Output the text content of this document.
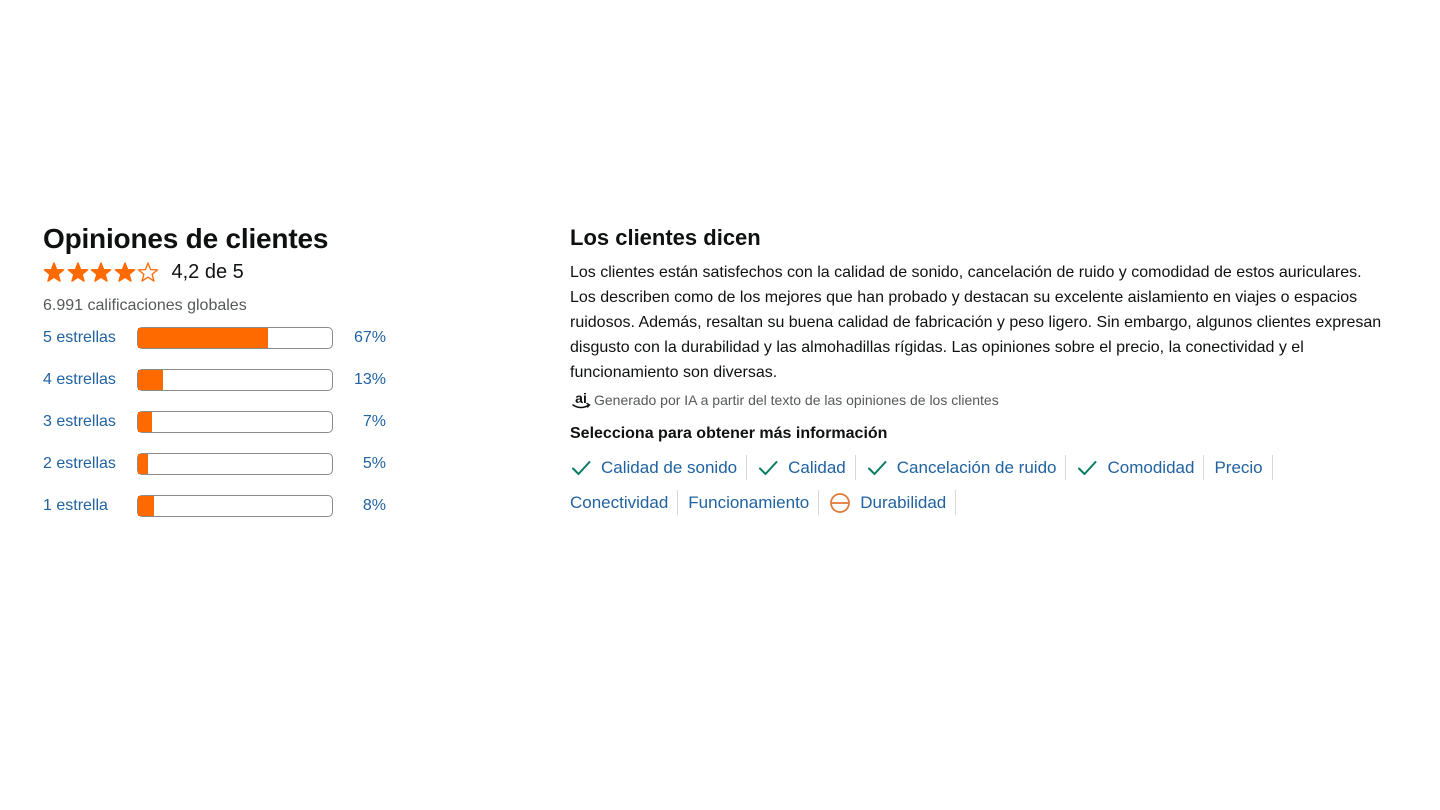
Opiniones de clientes
4,2 de 5
6.991 calificaciones globales
5 estrellas	67%
4 estrellas	13%
3 estrellas	7%
2 estrellas	5%
1 estrella	8%
Los clientes dicen

Los clientes están satisfechos con la calidad de sonido, cancelación de ruido y comodidad de estos auriculares. Los describen como de los mejores que han probado y destacan su excelente aislamiento en viajes o espacios ruidosos. Además, resaltan su buena calidad de fabricación y peso ligero. Sin embargo, algunos clientes expresan disgusto con la durabilidad y las almohadillas rígidas. Las opiniones sobre el precio, la conectividad y el funcionamiento son diversas.

ai Generado por IA a partir del texto de las opiniones de los clientes
Selecciona para obtener más información
Calidad de sonido	Calidad	Cancelación de ruido	Comodidad Precio
Conectividad Funcionamiento	Durabilidad
